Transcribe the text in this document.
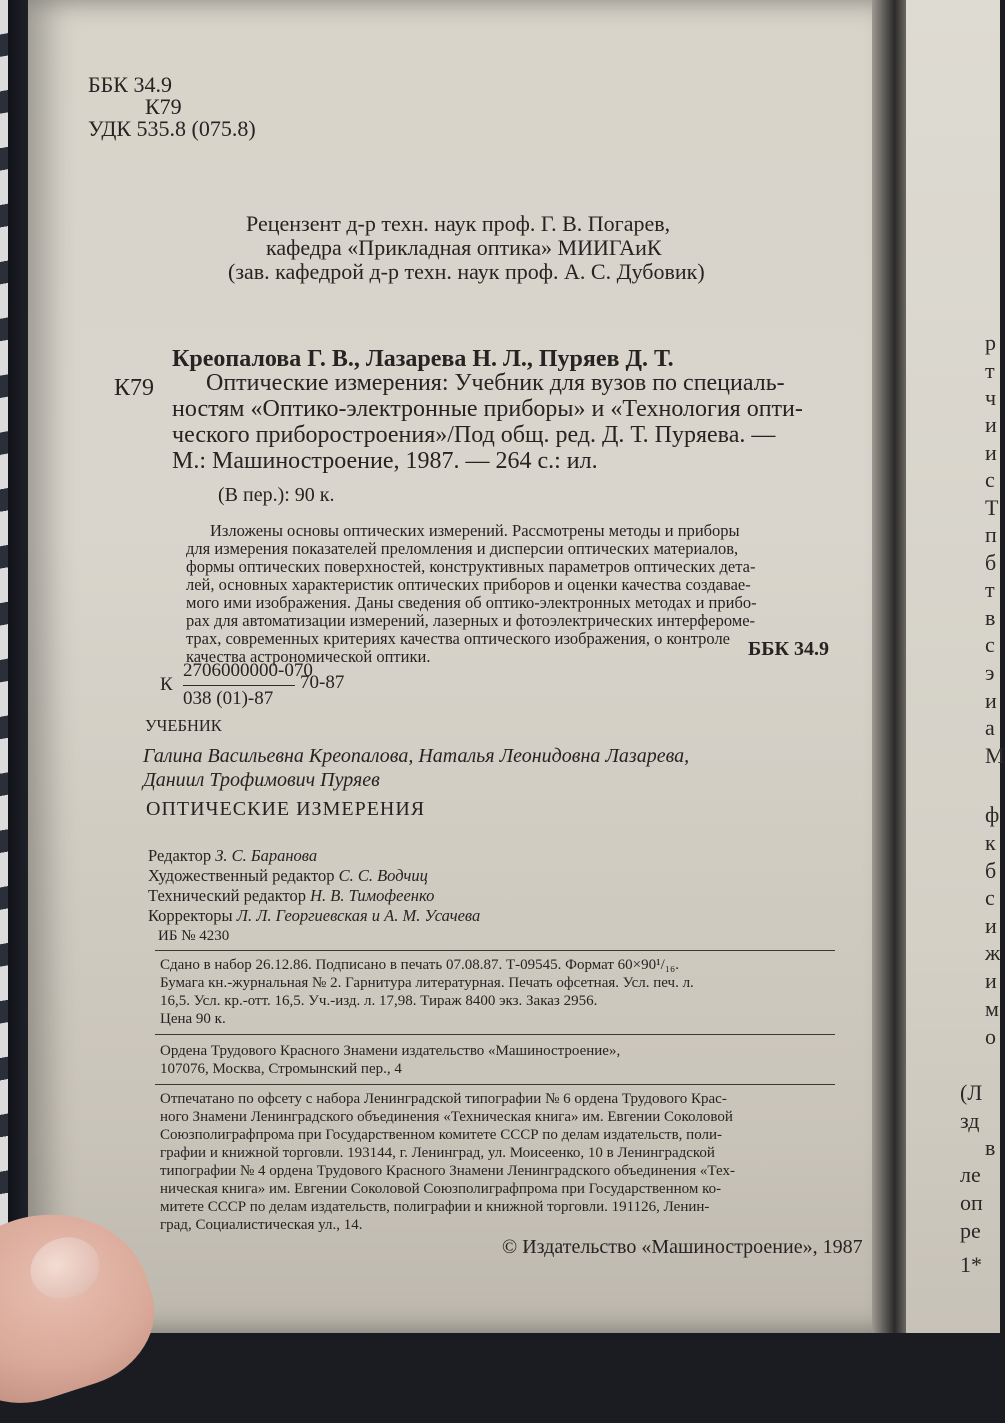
ББК 34.9

К79

УДК 535.8 (075.8)

Рецензент д-р техн. наук проф. Г. В. Погарев,
кафедра «Прикладная оптика» МИИГАиК
(зав. кафедрой д-р техн. наук проф. А. С. Дубовик)

Креопалова Г. В., Лазарева Н. Л., Пуряев Д. Т.

К79 Оптические измерения: Учебник для вузов по специаль-
ностям «Оптико-электронные приборы» и «Технология опти-
ческого приборостроения»/Под общ. ред. Д. Т. Пуряева. —
М.: Машиностроение, 1987. — 264 с.: ил.

(В пер.): 90 к.

Изложены основы оптических измерений. Рассмотрены методы и приборы
для измерения показателей преломления и дисперсии оптических материалов,
формы оптических поверхностей, конструктивных параметров оптических дета-
лей, основных характеристик оптических приборов и оценки качества создавае-
мого ими изображения. Даны сведения об оптико-электронных методах и прибо-
рах для автоматизации измерений, лазерных и фотоэлектрических интерфероме-
трах, современных критериях качества оптического изображения, о контроле
качества астрономической оптики.	ББК 34.9

К

2706000000-070
038 (01)-87

70-87

УЧЕБНИК

Галина Васильевна Креопалова, Наталья Леонидовна Лазарева,
Даниил Трофимович Пуряев

ОПТИЧЕСКИЕ ИЗМЕРЕНИЯ

Редактор З. С. Баранова
Художественный редактор С. С. Водчиц
Технический редактор Н. В. Тимофеенко
Корректоры Л. Л. Георгиевская и А. М. Усачева

ИБ № 4230

Сдано в набор 26.12.86. Подписано в печать 07.08.87. Т-09545. Формат 60×90¹/₁₆.
Бумага кн.-журнальная № 2. Гарнитура литературная. Печать офсетная. Усл. печ. л.
16,5. Усл. кр.-отт. 16,5. Уч.-изд. л. 17,98. Тираж 8400 экз. Заказ 2956.
Цена 90 к.
Ордена Трудового Красного Знамени издательство «Машиностроение»,
107076, Москва, Стромынский пер., 4
Отпечатано по офсету с набора Ленинградской типографии № 6 ордена Трудового Крас-
ного Знамени Ленинградского объединения «Техническая книга» им. Евгении Соколовой
Союзполиграфпрома при Государственном комитете СССР по делам издательств, поли-
графии и книжной торговли. 193144, г. Ленинград, ул. Моисеенко, 10 в Ленинградской
типографии № 4 ордена Трудового Красного Знамени Ленинградского объединения «Тех-
ническая книга» им. Евгении Соколовой Союзполиграфпрома при Государственном ко-
митете СССР по делам издательств, полиграфии и книжной торговли. 191126, Ленин-
град, Социалистическая ул., 14.

© Издательство «Машиностроение», 1987

р
т
ч
и
и
с
Т
п
б
т
в
с
э
и
а
М
ф
к
б
с
и
ж
и
м
о
(Л
зд
в
ле
оп
ре
1*
